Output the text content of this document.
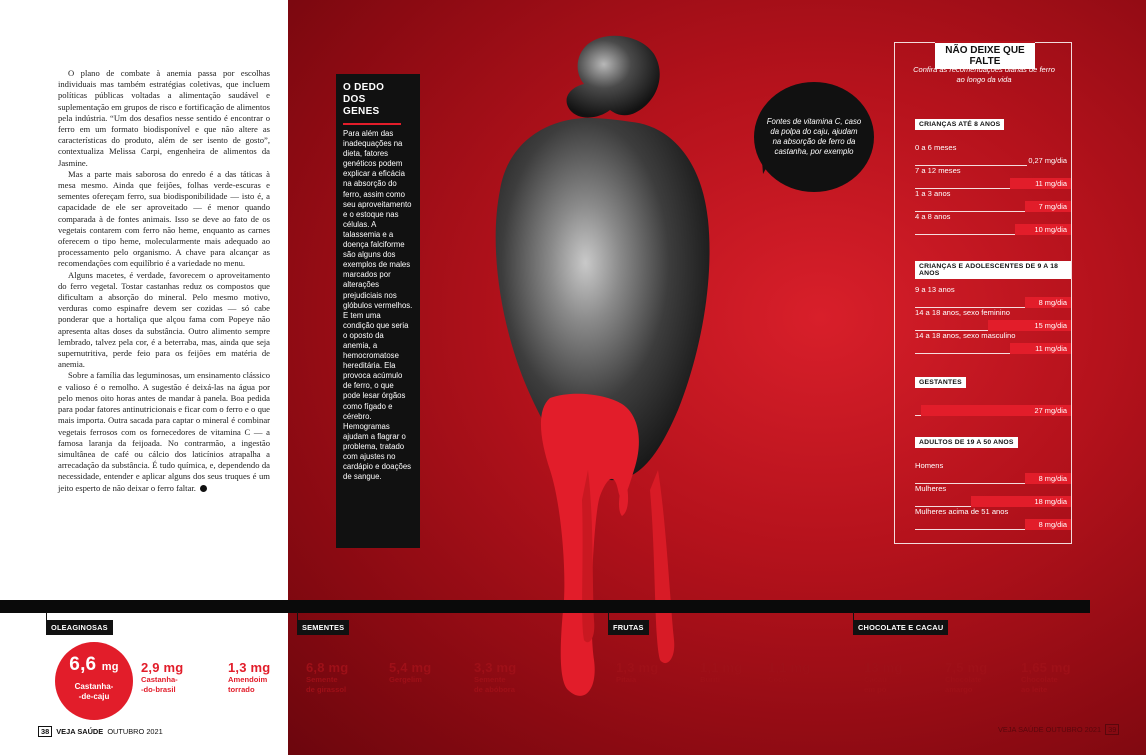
O plano de combate à anemia passa por escolhas individuais mas também estratégias coletivas, que incluem políticas públicas voltadas a alimentação saudável e suplementação em grupos de risco e fortificação de alimentos pela indústria. “Um dos desafios nesse sentido é encontrar o ferro em um formato biodisponível e que não altere as características do produto, além de ser isento de gosto”, contextualiza Melissa Carpi, engenheira de alimentos da Jasmine.

Mas a parte mais saborosa do enredo é a das táticas à mesa mesmo. Ainda que feijões, folhas verde-escuras e sementes ofereçam ferro, sua biodisponibilidade — isto é, a capacidade de ele ser aproveitado — é menor quando comparada à de fontes animais. Isso se deve ao fato de os vegetais contarem com ferro não heme, enquanto as carnes oferecem o tipo heme, molecularmente mais adequado ao processamento pelo organismo. A chave para alcançar as recomendações com equilíbrio é a variedade no menu.

Alguns macetes, é verdade, favorecem o aproveitamento do ferro vegetal. Tostar castanhas reduz os compostos que dificultam a absorção do mineral. Pelo mesmo motivo, verduras como espinafre devem ser cozidas — só cabe ponderar que a hortaliça que alçou fama com Popeye não apresenta altas doses da substância. Outro alimento sempre lembrado, talvez pela cor, é a beterraba, mas, ainda que seja supernutritiva, perde feio para os feijões em matéria de anemia.

Sobre a família das leguminosas, um ensinamento clássico e valioso é o remolho. A sugestão é deixá-las na água por pelo menos oito horas antes de mandar à panela. Boa pedida para podar fatores antinutricionais e ficar com o ferro e o que mais importa. Outra sacada para captar o mineral é combinar vegetais ferrosos com os fornecedores de vitamina C — a famosa laranja da feijoada. No contrarmão, a ingestão simultânea de café ou cálcio dos laticínios atrapalha a arrecadação da substância. É tudo química, e, dependendo da necessidade, entender e aplicar alguns dos seus truques é um jeito esperto de não deixar o ferro faltar.

O DEDO
DOS GENES

Para além das inadequações na dieta, fatores genéticos podem explicar a eficácia na absorção do ferro, assim como seu aproveitamento e o estoque nas células. A talassemia e a doença falciforme são alguns dos exemplos de males marcados por alterações prejudiciais nos glóbulos vermelhos. E tem uma condição que seria o oposto da anemia, a hemocromatose hereditária. Ela provoca acúmulo de ferro, o que pode lesar órgãos como fígado e cérebro. Hemogramas ajudam a flagrar o problema, tratado com ajustes no cardápio e doações de sangue.

Fontes de vitamina C, caso da polpa do caju, ajudam na absorção de ferro da castanha, por exemplo
NÃO DEIXE QUE FALTE
Confira as recomendações diárias de ferro ao longo da vida
CRIANÇAS ATÉ 8 ANOS
0 a 6 meses
0,27 mg/dia
7 a 12 meses
11 mg/dia
1 a 3 anos
7 mg/dia
4 a 8 anos
10 mg/dia
CRIANÇAS E ADOLESCENTES DE 9 A 18 ANOS
9 a 13 anos
8 mg/dia
14 a 18 anos, sexo feminino
15 mg/dia
14 a 18 anos, sexo masculino
11 mg/dia
GESTANTES
27 mg/dia
ADULTOS DE 19 A 50 ANOS
Homens
8 mg/dia
Mulheres
18 mg/dia
Mulheres acima de 51 anos
8 mg/dia
OLEAGINOSAS	SEMENTES	FRUTAS	CHOCOLATE E CACAU
6,6 mg
Castanha-
-de-caju
2,9 mg
Castanha-
-do-brasil
1,3 mg
Amendoim
torrado
6,8 mg
Semente
de girassol
5,4 mg
Gergelim

3,3 mg
Semente
de abóbora
1,3 mg
Pitaia
1,1 mg
Buriti
1,1 mg
Coco
13 mg
Cacau
em pó
7,5 mg
Chocolate
amargo
1,65 mg
Chocolate
ao leite
38 VEJA SAÚDE OUTUBRO 2021	VEJA SAÚDE OUTUBRO 2021 39
